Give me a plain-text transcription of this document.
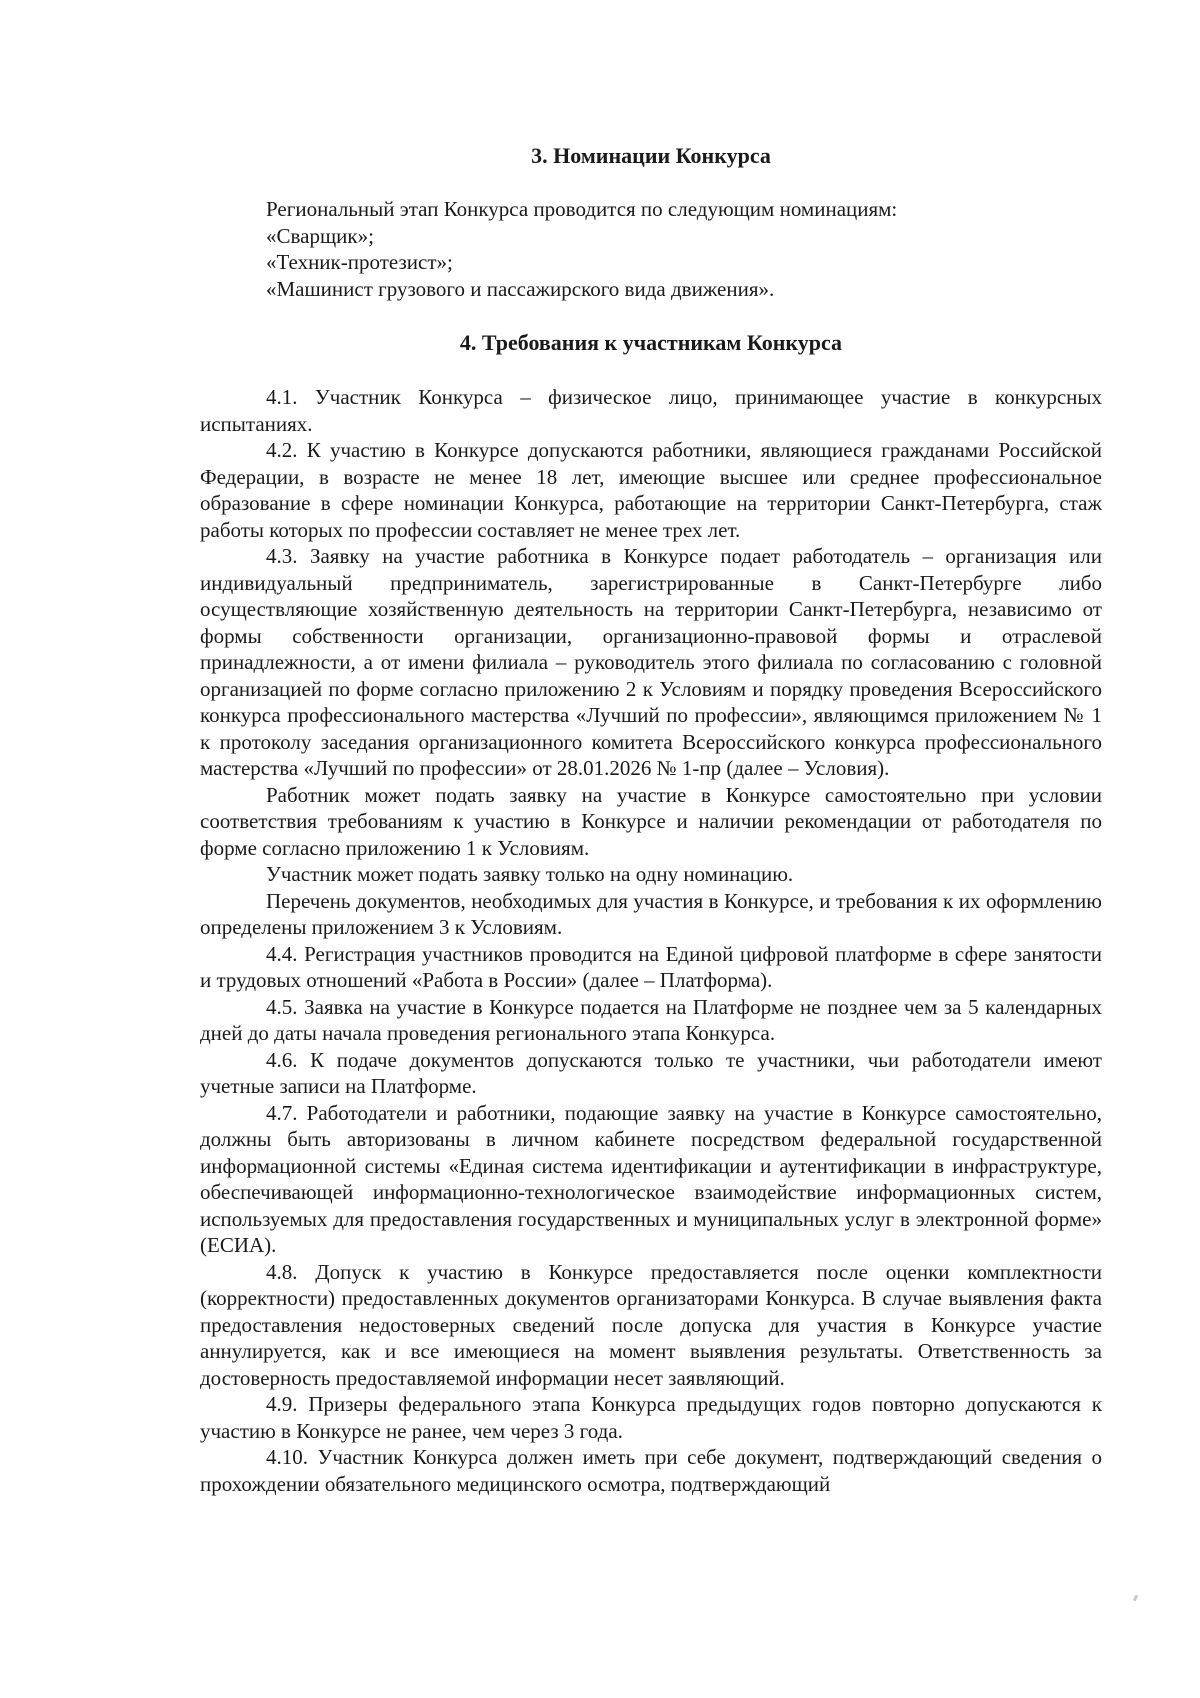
3. Номинации Конкурса
Региональный этап Конкурса проводится по следующим номинациям:
«Сварщик»;
«Техник-протезист»;
«Машинист грузового и пассажирского вида движения».
4. Требования к участникам Конкурса

4.1. Участник Конкурса – физическое лицо, принимающее участие в конкурсных испытаниях.

4.2. К участию в Конкурсе допускаются работники, являющиеся гражданами Российской Федерации, в возрасте не менее 18 лет, имеющие высшее или среднее профессиональное образование в сфере номинации Конкурса, работающие на территории Санкт-Петербурга, стаж работы которых по профессии составляет не менее трех лет.

4.3. Заявку на участие работника в Конкурсе подает работодатель – организация или индивидуальный предприниматель, зарегистрированные в Санкт-Петербурге либо осуществляющие хозяйственную деятельность на территории Санкт-Петербурга, независимо от формы собственности организации, организационно-правовой формы и отраслевой принадлежности, а от имени филиала – руководитель этого филиала по согласованию с головной организацией по форме согласно приложению 2 к Условиям и порядку проведения Всероссийского конкурса профессионального мастерства «Лучший по профессии», являющимся приложением № 1 к протоколу заседания организационного комитета Всероссийского конкурса профессионального мастерства «Лучший по профессии» от 28.01.2026 № 1-пр (далее – Условия).

Работник может подать заявку на участие в Конкурсе самостоятельно при условии соответствия требованиям к участию в Конкурсе и наличии рекомендации от работодателя по форме согласно приложению 1 к Условиям.

Участник может подать заявку только на одну номинацию.

Перечень документов, необходимых для участия в Конкурсе, и требования к их оформлению определены приложением 3 к Условиям.

4.4. Регистрация участников проводится на Единой цифровой платформе в сфере занятости и трудовых отношений «Работа в России» (далее – Платформа).

4.5. Заявка на участие в Конкурсе подается на Платформе не позднее чем за 5 календарных дней до даты начала проведения регионального этапа Конкурса.

4.6. К подаче документов допускаются только те участники, чьи работодатели имеют учетные записи на Платформе.

4.7. Работодатели и работники, подающие заявку на участие в Конкурсе самостоятельно, должны быть авторизованы в личном кабинете посредством федеральной государственной информационной системы «Единая система идентификации и аутентификации в инфраструктуре, обеспечивающей информационно-технологическое взаимодействие информационных систем, используемых для предоставления государственных и муниципальных услуг в электронной форме» (ЕСИА).

4.8. Допуск к участию в Конкурсе предоставляется после оценки комплектности (корректности) предоставленных документов организаторами Конкурса. В случае выявления факта предоставления недостоверных сведений после допуска для участия в Конкурсе участие аннулируется, как и все имеющиеся на момент выявления результаты. Ответственность за достоверность предоставляемой информации несет заявляющий.

4.9. Призеры федерального этапа Конкурса предыдущих годов повторно допускаются к участию в Конкурсе не ранее, чем через 3 года.

4.10. Участник Конкурса должен иметь при себе документ, подтверждающий сведения о прохождении обязательного медицинского осмотра, подтверждающий
